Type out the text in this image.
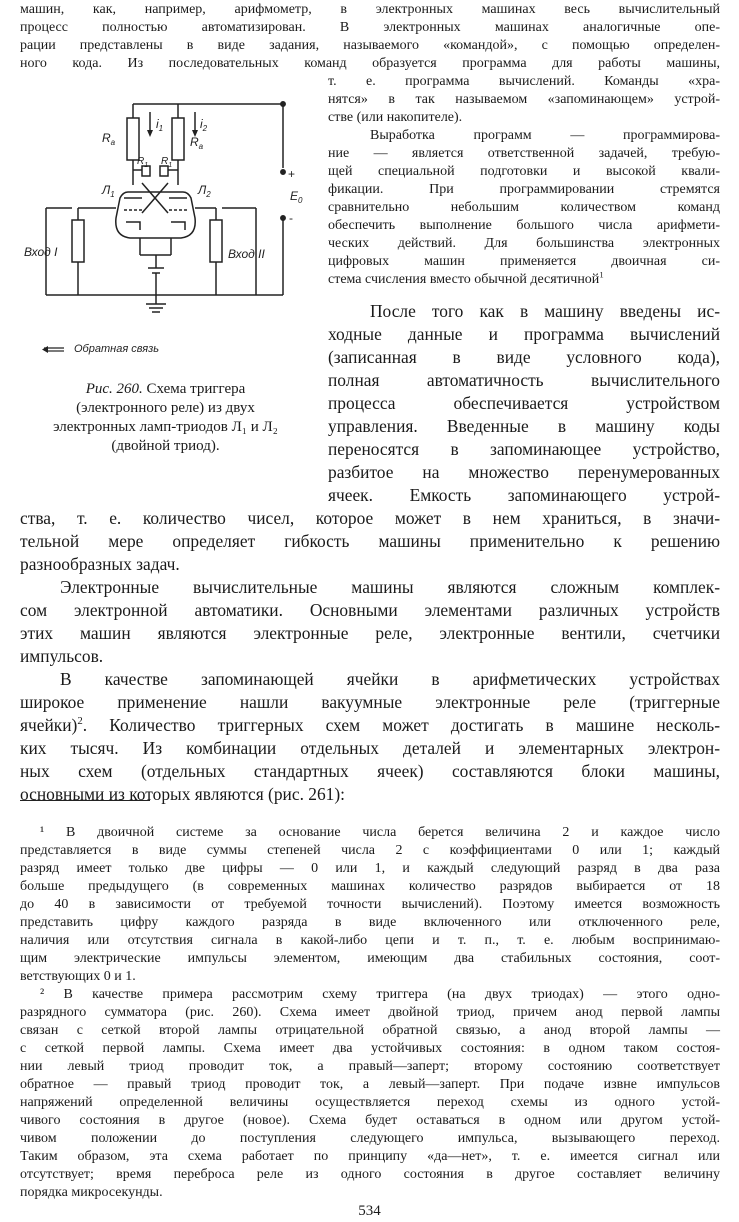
машин, как, например, арифмометр, в электронных машинах весь вычислительный
процесс полностью автоматизирован. В электронных машинах аналогичные опе-
рации представлены в виде задания, называемого «командой», с помощью определен-
ного кода. Из последовательных команд образуется программа для работы машины,
т. е. программа вычислений. Команды «хра-
нятся» в так называемом «запоминающем» устрой-
стве (или накопителе).
Выработка программ — программирова-
ние — является ответственной задачей, требую-
щей специальной подготовки и высокой квали-
фикации. При программировании стремятся
сравнительно небольшим количеством команд
обеспечить выполнение большого числа арифмети-
ческих действий. Для большинства электронных
цифровых машин применяется двоичная си-
стема счисления вместо обычной десятичной$^1$
После того как в машину введены ис-
ходные данные и программа вычислений
(записанная в виде условного кода),
полная автоматичность вычислительного
процесса обеспечивается устройством
управления. Введенные в машину коды
переносятся в запоминающее устройство,
разбитое на множество перенумерованных
ячеек. Емкость запоминающего устрой-
$R_a$
$i_1$	$i_2$
$R_a$
$R_1$ $R_1$
$Л_1$	$Л_2$	$E_0$
+
-
Вход I	Вход II
Обратная связь
Рис. 260. Схема триггера
(электронного реле) из двух
электронных ламп-триодов Л₁ и Л₂
(двойной триод).
ства, т. е. количество чисел, которое может в нем храниться, в значи-
тельной мере определяет гибкость машины применительно к решению
разнообразных задач.
Электронные вычислительные машины являются сложным комплек-
сом электронной автоматики. Основными элементами различных устройств
этих машин являются электронные реле, электронные вентили, счетчики
импульсов.
В качестве запоминающей ячейки в арифметических устройствах
широкое применение нашли вакуумные электронные реле (триггерные
ячейки)$^2$. Количество триггерных схем может достигать в машине несколь-
ких тысяч. Из комбинации отдельных деталей и элементарных электрон-
ных схем (отдельных стандартных ячеек) составляются блоки машины,
основными из которых являются (рис. 261):
¹ В двоичной системе за основание числа берется величина 2 и каждое число
представляется в виде суммы степеней числа 2 с коэффициентами 0 или 1; каждый
разряд имеет только две цифры — 0 или 1, и каждый следующий разряд в два раза
больше предыдущего (в современных машинах количество разрядов выбирается от 18
до 40 в зависимости от требуемой точности вычислений). Поэтому имеется возможность
представить цифру каждого разряда в виде включенного или отключенного реле,
наличия или отсутствия сигнала в какой-либо цепи и т. п., т. е. любым воспринимаю-
щим электрические импульсы элементом, имеющим два стабильных состояния, соот-
ветствующих 0 и 1.
² В качестве примера рассмотрим схему триггера (на двух триодах) — этого одно-
разрядного сумматора (рис. 260). Схема имеет двойной триод, причем анод первой лампы
связан с сеткой второй лампы отрицательной обратной связью, а анод второй лампы —
с сеткой первой лампы. Схема имеет два устойчивых состояния: в одном таком состоя-
нии левый триод проводит ток, а правый—заперт; второму состоянию соответствует
обратное — правый триод проводит ток, а левый—заперт. При подаче извне импульсов
напряжений определенной величины осуществляется переход схемы из одного устой-
чивого состояния в другое (новое). Схема будет оставаться в одном или другом устой-
чивом положении до поступления следующего импульса, вызывающего переход.
Таким образом, эта схема работает по принципу «да—нет», т. е. имеется сигнал или
отсутствует; время переброса реле из одного состояния в другое составляет величину
порядка микросекунды.
534
